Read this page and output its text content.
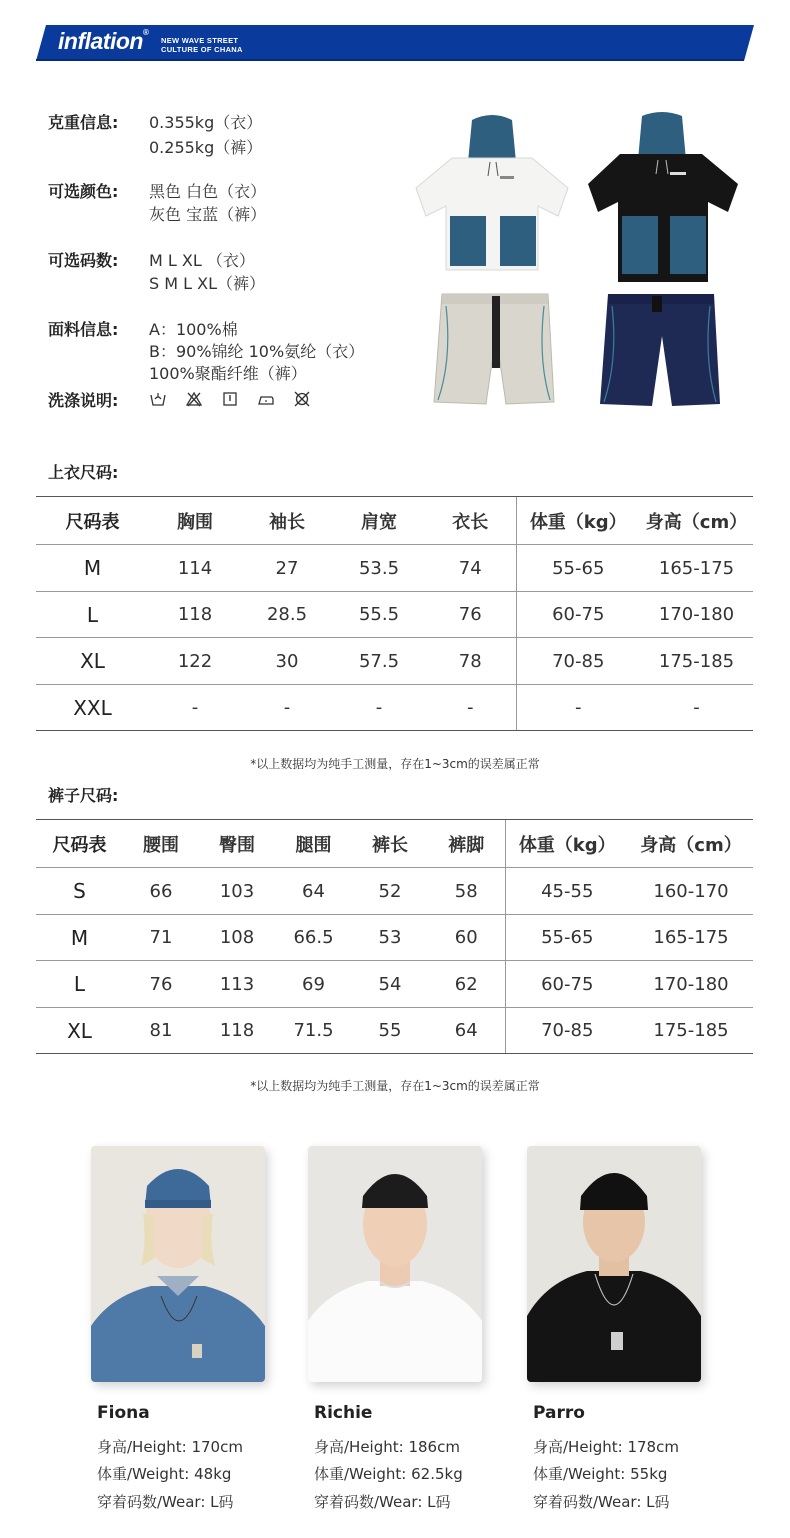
inflation®
NEW WAVE STREET
CULTURE OF CHANA
克重信息:	0.355kg（衣）
0.255kg（裤）
可选颜色:	黑色 白色（衣）
灰色 宝蓝（裤）
可选码数:	M L XL （衣）
S M L XL（裤）
面料信息:	A：100%棉
B：90%锦纶 10%氨纶（衣）
100%聚酯纤维（裤）
洗涤说明:
上衣尺码:
尺码表	胸围	袖长	肩宽	衣长	体重（kg）	身高（cm）
M	114	27	53.5	74	55-65	165-175
L	118	28.5	55.5	76	60-75	170-180
XL	122	30	57.5	78	70-85	175-185
XXL	-	-	-	-	-	-
*以上数据均为纯手工测量，存在1~3cm的误差属正常
裤子尺码:
尺码表	腰围	臀围	腿围	裤长	裤脚	体重（kg）	身高（cm）
S	66	103	64	52	58	45-55	160-170
M	71	108	66.5	53	60	55-65	165-175
L	76	113	69	54	62	60-75	170-180
XL	81	118	71.5	55	64	70-85	175-185
*以上数据均为纯手工测量，存在1~3cm的误差属正常
Fiona
身高/Height: 170cm
体重/Weight: 48kg
穿着码数/Wear: L码
Richie
身高/Height: 186cm
体重/Weight: 62.5kg
穿着码数/Wear: L码
Parro
身高/Height: 178cm
体重/Weight: 55kg
穿着码数/Wear: L码
